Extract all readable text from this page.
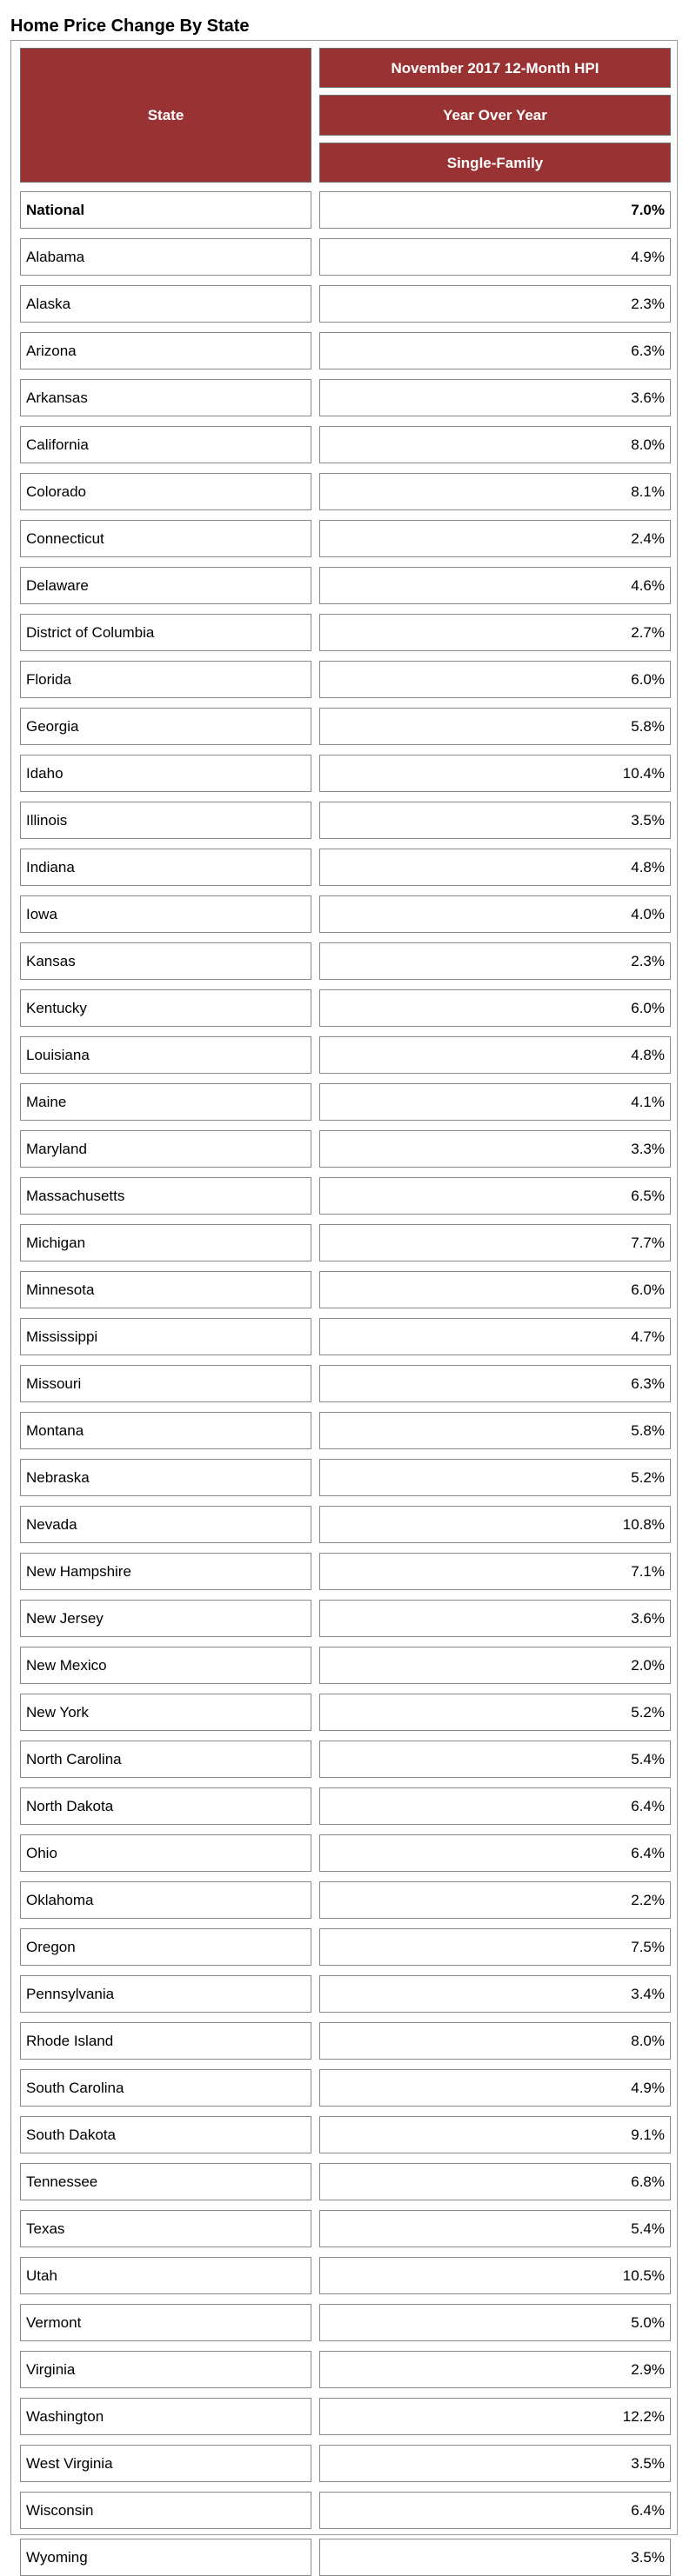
Home Price Change By State
State
November 2017 12-Month HPI
Year Over Year
Single-Family
National	7.0%
Alabama	4.9%
Alaska	2.3%
Arizona	6.3%
Arkansas	3.6%
California	8.0%
Colorado	8.1%
Connecticut	2.4%
Delaware	4.6%
District of Columbia	2.7%
Florida	6.0%
Georgia	5.8%
Idaho	10.4%
Illinois	3.5%
Indiana	4.8%
Iowa	4.0%
Kansas	2.3%
Kentucky	6.0%
Louisiana	4.8%
Maine	4.1%
Maryland	3.3%
Massachusetts	6.5%
Michigan	7.7%
Minnesota	6.0%
Mississippi	4.7%
Missouri	6.3%
Montana	5.8%
Nebraska	5.2%
Nevada	10.8%
New Hampshire	7.1%
New Jersey	3.6%
New Mexico	2.0%
New York	5.2%
North Carolina	5.4%
North Dakota	6.4%
Ohio	6.4%
Oklahoma	2.2%
Oregon	7.5%
Pennsylvania	3.4%
Rhode Island	8.0%
South Carolina	4.9%
South Dakota	9.1%
Tennessee	6.8%
Texas	5.4%
Utah	10.5%
Vermont	5.0%
Virginia	2.9%
Washington	12.2%
West Virginia	3.5%
Wisconsin	6.4%
Wyoming	3.5%
